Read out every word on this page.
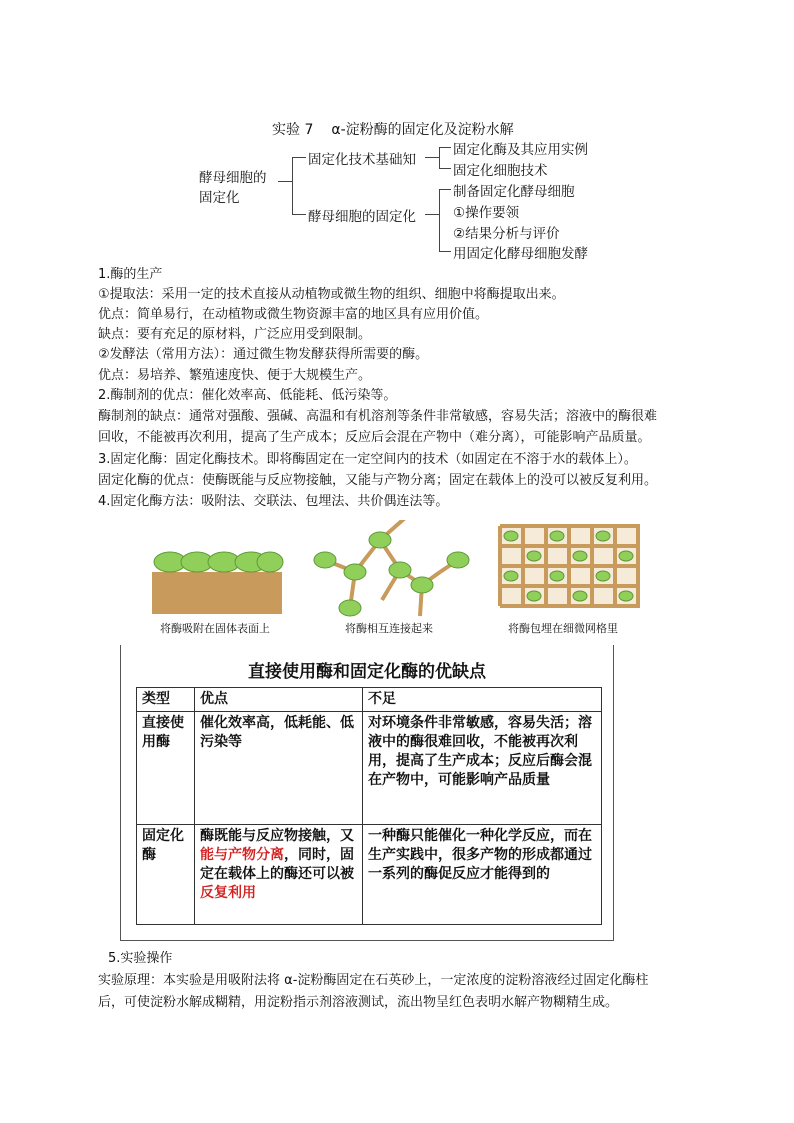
实验 7 α-淀粉酶的固定化及淀粉水解
酵母细胞的
固定化
固定化技术基础知
酵母细胞的固定化
固定化酶及其应用实例
固定化细胞技术
制备固定化酵母细胞
①操作要领
②结果分析与评价
用固定化酵母细胞发酵
1.酶的生产
①提取法：采用一定的技术直接从动植物或微生物的组织、细胞中将酶提取出来。
优点：简单易行，在动植物或微生物资源丰富的地区具有应用价值。
缺点：要有充足的原材料，广泛应用受到限制。
②发酵法（常用方法）：通过微生物发酵获得所需要的酶。
优点：易培养、繁殖速度快、便于大规模生产。
2.酶制剂的优点：催化效率高、低能耗、低污染等。
酶制剂的缺点：通常对强酸、强碱、高温和有机溶剂等条件非常敏感，容易失活；溶液中的酶很难
回收，不能被再次利用，提高了生产成本；反应后会混在产物中（难分离），可能影响产品质量。
3.固定化酶：固定化酶技术。即将酶固定在一定空间内的技术（如固定在不溶于水的载体上）。
固定化酶的优点：使酶既能与反应物接触，又能与产物分离；固定在载体上的没可以被反复利用。
4.固定化酶方法：吸附法、交联法、包埋法、共价偶连法等。
将酶吸附在固体表面上	将酶相互连接起来	将酶包埋在细微网格里
直接使用酶和固定化酶的优缺点
类型	优点	不足
直接使用酶	催化效率高，低耗能、低污染等	对环境条件非常敏感，容易失活；溶液中的酶很难回收，不能被再次利用，提高了生产成本；反应后酶会混在产物中，可能影响产品质量
固定化酶	酶既能与反应物接触，又能与产物分离，同时，固定在载体上的酶还可以被反复利用	一种酶只能催化一种化学反应，而在生产实践中，很多产物的形成都通过一系列的酶促反应才能得到的
5.实验操作
实验原理：本实验是用吸附法将 α-淀粉酶固定在石英砂上，一定浓度的淀粉溶液经过固定化酶柱
后，可使淀粉水解成糊精，用淀粉指示剂溶液测试，流出物呈红色表明水解产物糊精生成。
